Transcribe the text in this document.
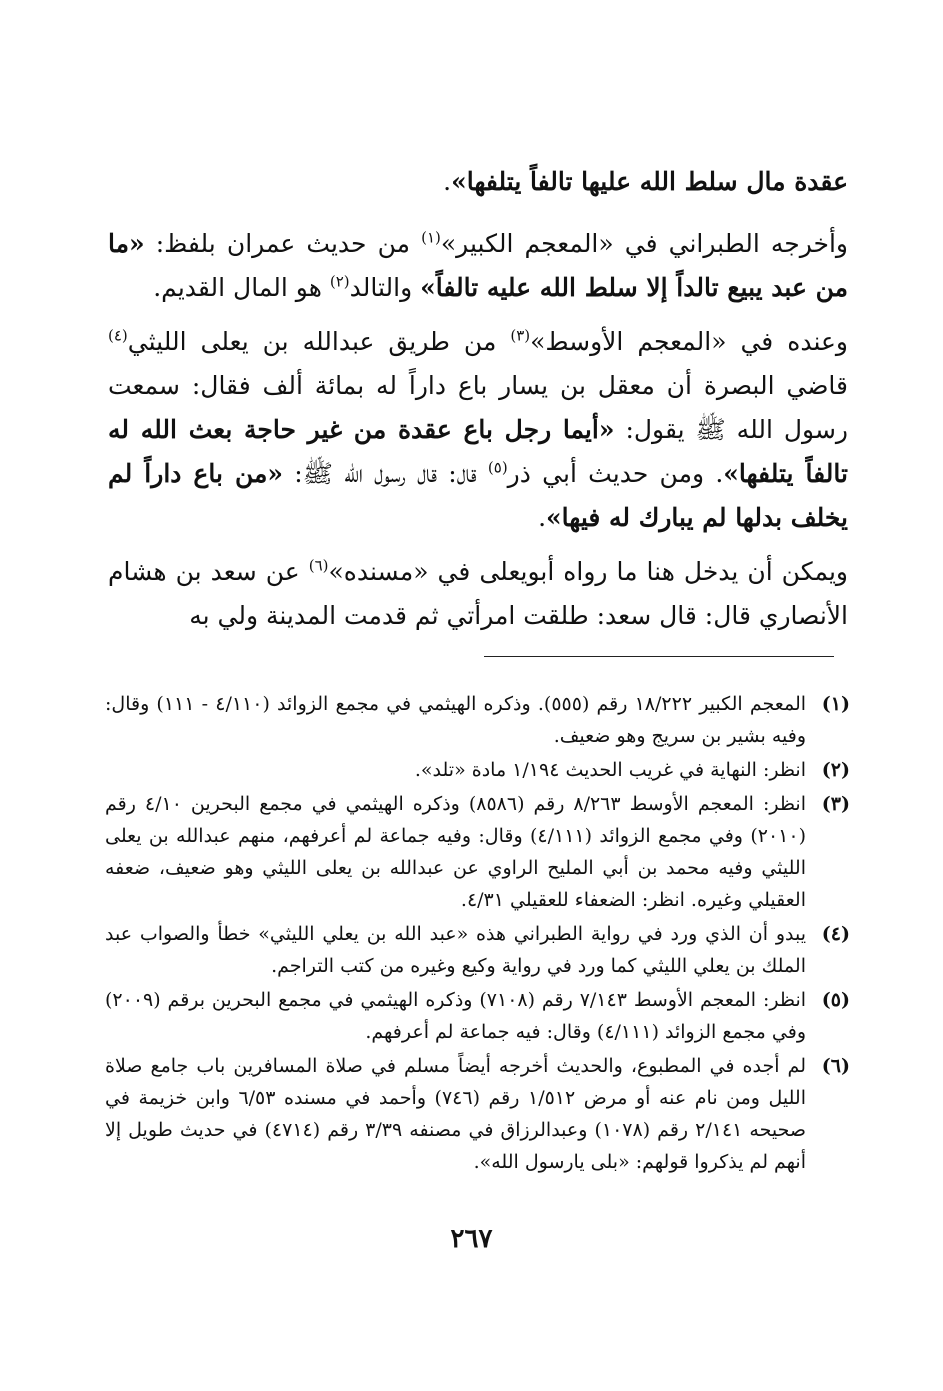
عقدة مال سلط الله عليها تالفاً يتلفها».

وأخرجه الطبراني في «المعجم الكبير»$^{(١)}$ من حديث عمران بلفظ: «ما من عبد يبيع تالداً إلا سلط الله عليه تالفاً» والتالد$^{(٢)}$ هو المال القديم.

وعنده في «المعجم الأوسط»$^{(٣)}$ من طريق عبدالله بن يعلى الليثي$^{(٤)}$ قاضي البصرة أن معقل بن يسار باع داراً له بمائة ألف فقال: سمعت رسول الله ﷺ يقول: «أيما رجل باع عقدة من غير حاجة بعث الله له تالفاً يتلفها». ومن حديث أبي ذر$^{(٥)}$ قال: قال رسول الله ﷺ: «من باع داراً لم يخلف بدلها لم يبارك له فيها».

ويمكن أن يدخل هنا ما رواه أبويعلى في «مسنده»$^{(٦)}$ عن سعد بن هشام الأنصاري قال: قال سعد: طلقت امرأتي ثم قدمت المدينة ولي به

(١)
المعجم الكبير ١٨/٢٢٢ رقم (٥٥٥). وذكره الهيثمي في مجمع الزوائد (٤/١١٠ - ١١١) وقال: وفيه بشير بن سريج وهو ضعيف.
(٢)
انظر: النهاية في غريب الحديث ١/١٩٤ مادة «تلد».
(٣)
انظر: المعجم الأوسط ٨/٢٦٣ رقم (٨٥٨٦) وذكره الهيثمي في مجمع البحرين ٤/١٠ رقم (٢٠١٠) وفي مجمع الزوائد (٤/١١١) وقال: وفيه جماعة لم أعرفهم، منهم عبدالله بن يعلى الليثي وفيه محمد بن أبي المليح الراوي عن عبدالله بن يعلى الليثي وهو ضعيف، ضعفه العقيلي وغيره. انظر: الضعفاء للعقيلي ٤/٣١.
(٤)
يبدو أن الذي ورد في رواية الطبراني هذه «عبد الله بن يعلي الليثي» خطأ والصواب عبد الملك بن يعلي الليثي كما ورد في رواية وكيع وغيره من كتب التراجم.
(٥)
انظر: المعجم الأوسط ٧/١٤٣ رقم (٧١٠٨) وذكره الهيثمي في مجمع البحرين برقم (٢٠٠٩) وفي مجمع الزوائد (٤/١١١) وقال: فيه جماعة لم أعرفهم.
(٦)
لم أجده في المطبوع، والحديث أخرجه أيضاً مسلم في صلاة المسافرين باب جامع صلاة الليل ومن نام عنه أو مرض ١/٥١٢ رقم (٧٤٦) وأحمد في مسنده ٦/٥٣ وابن خزيمة في صحيحه ٢/١٤١ رقم (١٠٧٨) وعبدالرزاق في مصنفه ٣/٣٩ رقم (٤٧١٤) في حديث طويل إلا أنهم لم يذكروا قولهم: «بلى يارسول الله».
٢٦٧
